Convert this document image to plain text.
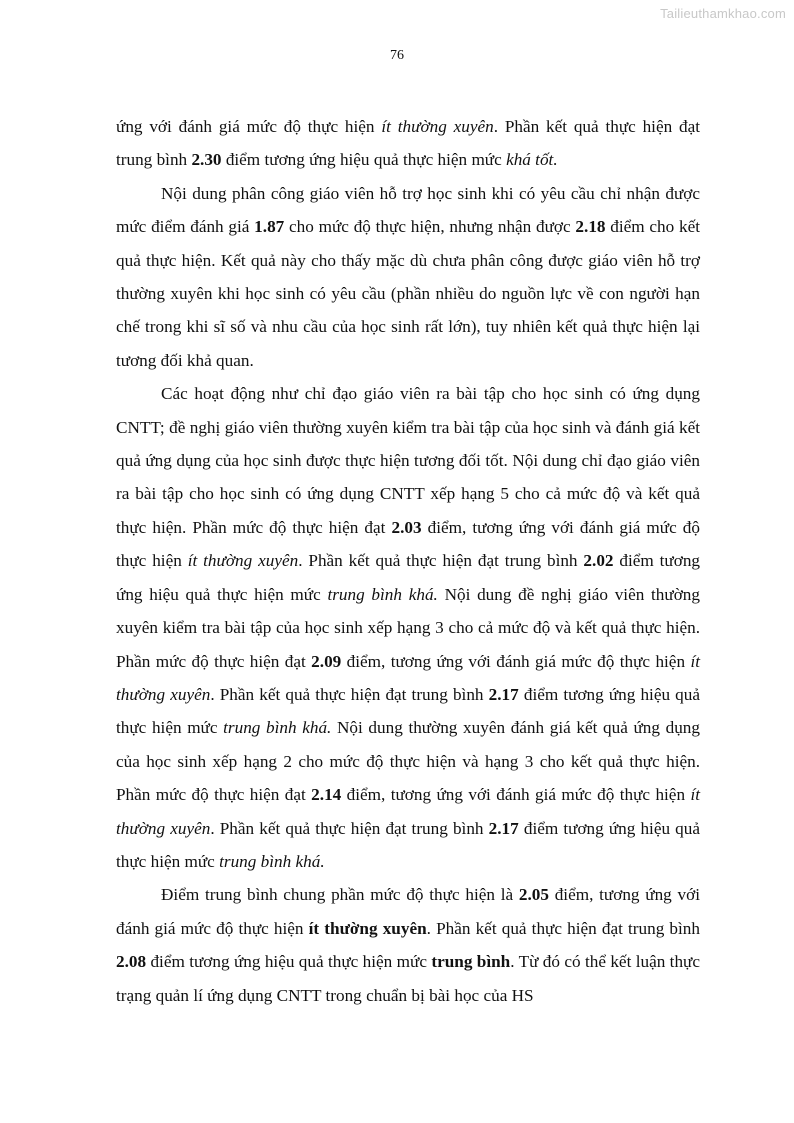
Tailieuthamkhao.com
76

ứng với đánh giá mức độ thực hiện ít thường xuyên. Phần kết quả thực hiện đạt trung bình 2.30 điểm tương ứng hiệu quả thực hiện mức khá tốt.

Nội dung phân công giáo viên hỗ trợ học sinh khi có yêu cầu chỉ nhận được mức điểm đánh giá 1.87 cho mức độ thực hiện, nhưng nhận được 2.18 điểm cho kết quả thực hiện. Kết quả này cho thấy mặc dù chưa phân công được giáo viên hỗ trợ thường xuyên khi học sinh có yêu cầu (phần nhiều do nguồn lực về con người hạn chế trong khi sĩ số và nhu cầu của học sinh rất lớn), tuy nhiên kết quả thực hiện lại tương đối khả quan.

Các hoạt động như chỉ đạo giáo viên ra bài tập cho học sinh có ứng dụng CNTT; đề nghị giáo viên thường xuyên kiểm tra bài tập của học sinh và đánh giá kết quả ứng dụng của học sinh được thực hiện tương đối tốt. Nội dung chỉ đạo giáo viên ra bài tập cho học sinh có ứng dụng CNTT xếp hạng 5 cho cả mức độ và kết quả thực hiện. Phần mức độ thực hiện đạt 2.03 điểm, tương ứng với đánh giá mức độ thực hiện ít thường xuyên. Phần kết quả thực hiện đạt trung bình 2.02 điểm tương ứng hiệu quả thực hiện mức trung bình khá. Nội dung đề nghị giáo viên thường xuyên kiểm tra bài tập của học sinh xếp hạng 3 cho cả mức độ và kết quả thực hiện. Phần mức độ thực hiện đạt 2.09 điểm, tương ứng với đánh giá mức độ thực hiện ít thường xuyên. Phần kết quả thực hiện đạt trung bình 2.17 điểm tương ứng hiệu quả thực hiện mức trung bình khá. Nội dung thường xuyên đánh giá kết quả ứng dụng của học sinh xếp hạng 2 cho mức độ thực hiện và hạng 3 cho kết quả thực hiện. Phần mức độ thực hiện đạt 2.14 điểm, tương ứng với đánh giá mức độ thực hiện ít thường xuyên. Phần kết quả thực hiện đạt trung bình 2.17 điểm tương ứng hiệu quả thực hiện mức trung bình khá.

Điểm trung bình chung phần mức độ thực hiện là 2.05 điểm, tương ứng với đánh giá mức độ thực hiện ít thường xuyên. Phần kết quả thực hiện đạt trung bình 2.08 điểm tương ứng hiệu quả thực hiện mức trung bình. Từ đó có thể kết luận thực trạng quản lí ứng dụng CNTT trong chuẩn bị bài học của HS
